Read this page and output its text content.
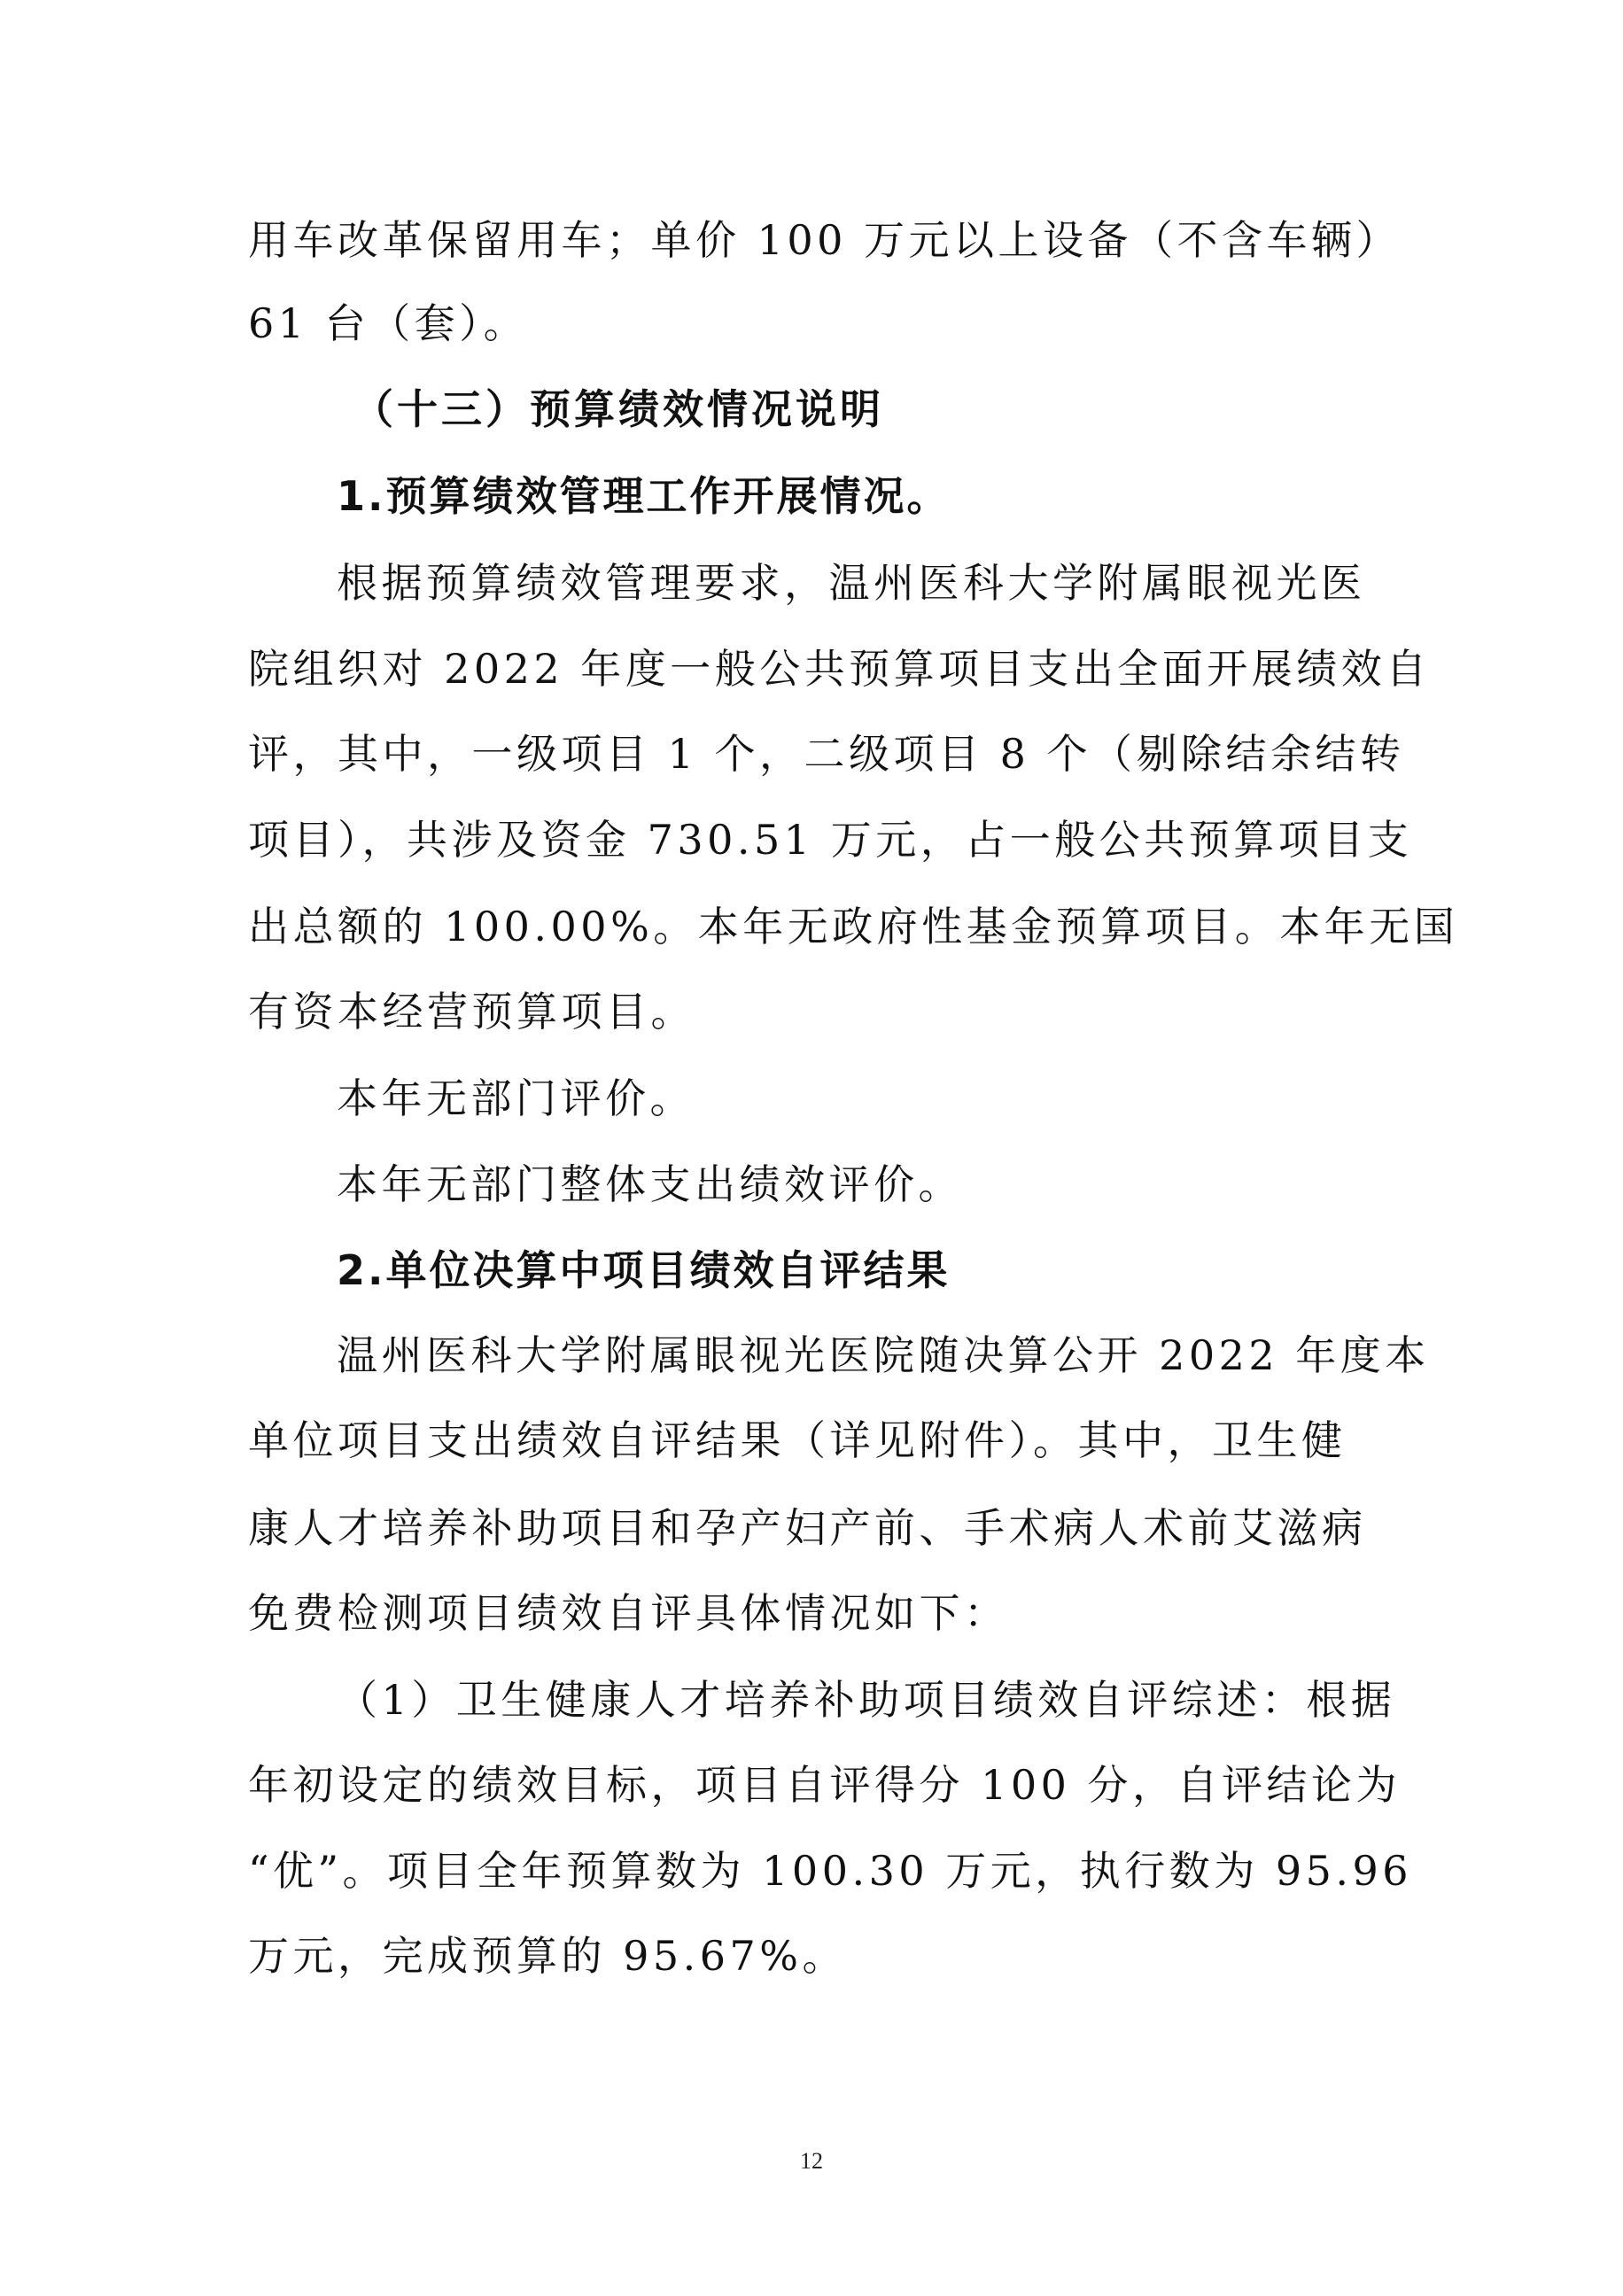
用车改革保留用车；单价 100 万元以上设备（不含车辆）
61 台（套）。
（十三）预算绩效情况说明
1.预算绩效管理工作开展情况。
根据预算绩效管理要求，温州医科大学附属眼视光医
院组织对 2022 年度一般公共预算项目支出全面开展绩效自
评，其中，一级项目 1 个，二级项目 8 个（剔除结余结转
项目），共涉及资金 730.51 万元，占一般公共预算项目支
出总额的 100.00%。本年无政府性基金预算项目。本年无国
有资本经营预算项目。
本年无部门评价。
本年无部门整体支出绩效评价。
2.单位决算中项目绩效自评结果
温州医科大学附属眼视光医院随决算公开 2022 年度本
单位项目支出绩效自评结果（详见附件）。其中，卫生健
康人才培养补助项目和孕产妇产前、手术病人术前艾滋病
免费检测项目绩效自评具体情况如下：
（1）卫生健康人才培养补助项目绩效自评综述：根据
年初设定的绩效目标，项目自评得分 100 分，自评结论为
“优”。项目全年预算数为 100.30 万元，执行数为 95.96
万元，完成预算的 95.67%。
12
